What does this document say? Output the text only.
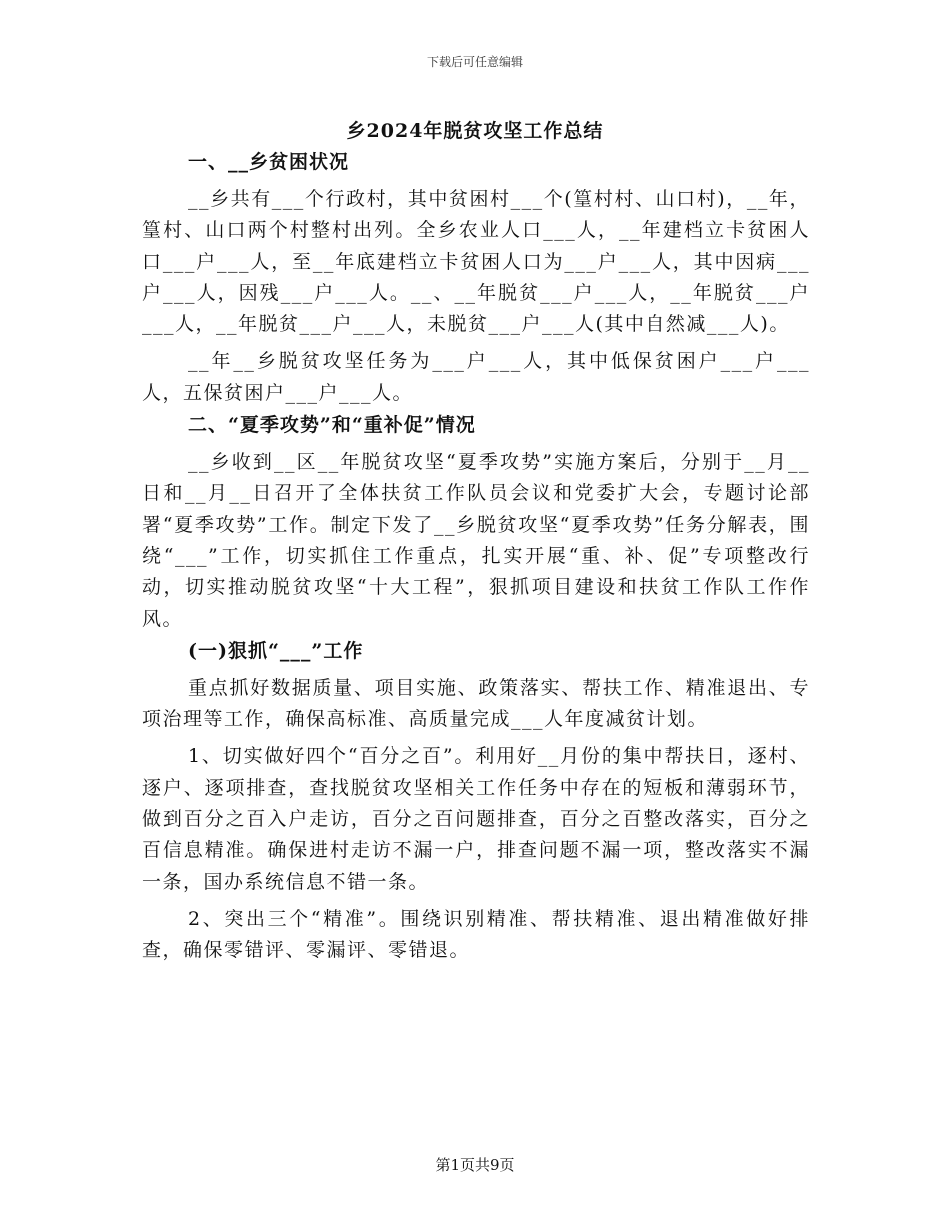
下载后可任意编辑
乡2024年脱贫攻坚工作总结
一、__乡贫困状况

__乡共有___个行政村，其中贫困村___个(篁村村、山口村)，__年，篁村、山口两个村整村出列。全乡农业人口___人，__年建档立卡贫困人口___户___人，至__年底建档立卡贫困人口为___户___人，其中因病___户___人，因残___户___人。__、__年脱贫___户___人，__年脱贫___户___人，__年脱贫___户___人，未脱贫___户___人(其中自然减___人)。

__年__乡脱贫攻坚任务为___户___人，其中低保贫困户___户___人，五保贫困户___户___人。

二、“夏季攻势”和“重补促”情况

__乡收到__区__年脱贫攻坚“夏季攻势”实施方案后，分别于__月__日和__月__日召开了全体扶贫工作队员会议和党委扩大会，专题讨论部署“夏季攻势”工作。制定下发了__乡脱贫攻坚“夏季攻势”任务分解表，围绕“___”工作，切实抓住工作重点，扎实开展“重、补、促”专项整改行动，切实推动脱贫攻坚“十大工程”，狠抓项目建设和扶贫工作队工作作风。

(一)狠抓“___”工作

重点抓好数据质量、项目实施、政策落实、帮扶工作、精准退出、专项治理等工作，确保高标准、高质量完成___人年度减贫计划。

1、切实做好四个“百分之百”。利用好__月份的集中帮扶日，逐村、逐户、逐项排查，查找脱贫攻坚相关工作任务中存在的短板和薄弱环节，做到百分之百入户走访，百分之百问题排查，百分之百整改落实，百分之百信息精准。确保进村走访不漏一户，排查问题不漏一项，整改落实不漏一条，国办系统信息不错一条。

2、突出三个“精准”。围绕识别精准、帮扶精准、退出精准做好排查，确保零错评、零漏评、零错退。

第1页共9页
